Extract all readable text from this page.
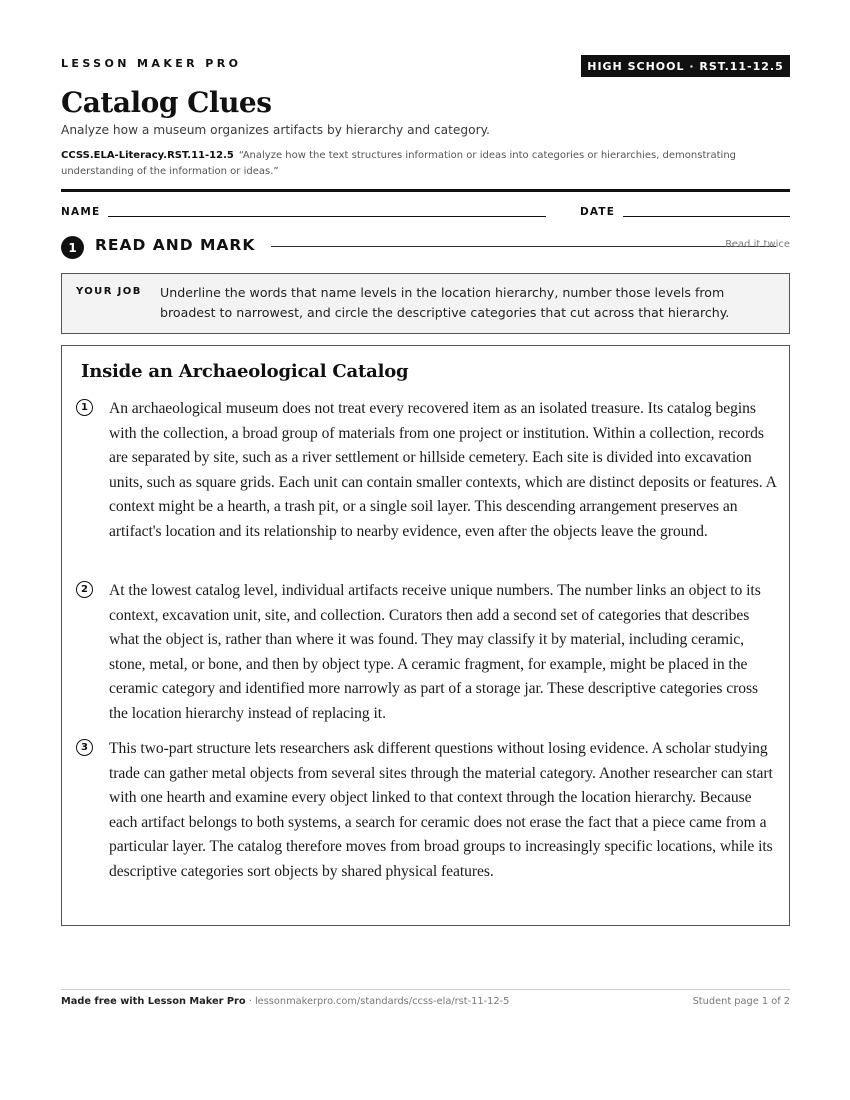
LESSON MAKER PRO	HIGH SCHOOL · RST.11-12.5
Catalog Clues
Analyze how a museum organizes artifacts by hierarchy and category.
CCSS.ELA-Literacy.RST.11-12.5 “Analyze how the text structures information or ideas into categories or hierarchies, demonstrating understanding of the information or ideas.”
NAME	DATE
1	READ AND MARK	Read it twice
YOUR JOB Underline the words that name levels in the location hierarchy, number those levels from broadest to narrowest, and circle the descriptive categories that cut across that hierarchy.
Inside an Archaeological Catalog
1	An archaeological museum does not treat every recovered item as an isolated treasure. Its catalog begins with the collection, a broad group of materials from one project or institution. Within a collection, records are separated by site, such as a river settlement or hillside cemetery. Each site is divided into excavation units, such as square grids. Each unit can contain smaller contexts, which are distinct deposits or features. A context might be a hearth, a trash pit, or a single soil layer. This descending arrangement preserves an artifact's location and its relationship to nearby evidence, even after the objects leave the ground.

2	At the lowest catalog level, individual artifacts receive unique numbers. The number links an object to its context, excavation unit, site, and collection. Curators then add a second set of categories that describes what the object is, rather than where it was found. They may classify it by material, including ceramic, stone, metal, or bone, and then by object type. A ceramic fragment, for example, might be placed in the ceramic category and identified more narrowly as part of a storage jar. These descriptive categories cross the location hierarchy instead of replacing it.

3	This two-part structure lets researchers ask different questions without losing evidence. A scholar studying trade can gather metal objects from several sites through the material category. Another researcher can start with one hearth and examine every object linked to that context through the location hierarchy. Because each artifact belongs to both systems, a search for ceramic does not erase the fact that a piece came from a particular layer. The catalog therefore moves from broad groups to increasingly specific locations, while its descriptive categories sort objects by shared physical features.

Made free with Lesson Maker Pro · lessonmakerpro.com/standards/ccss-ela/rst-11-12-5	Student page 1 of 2
